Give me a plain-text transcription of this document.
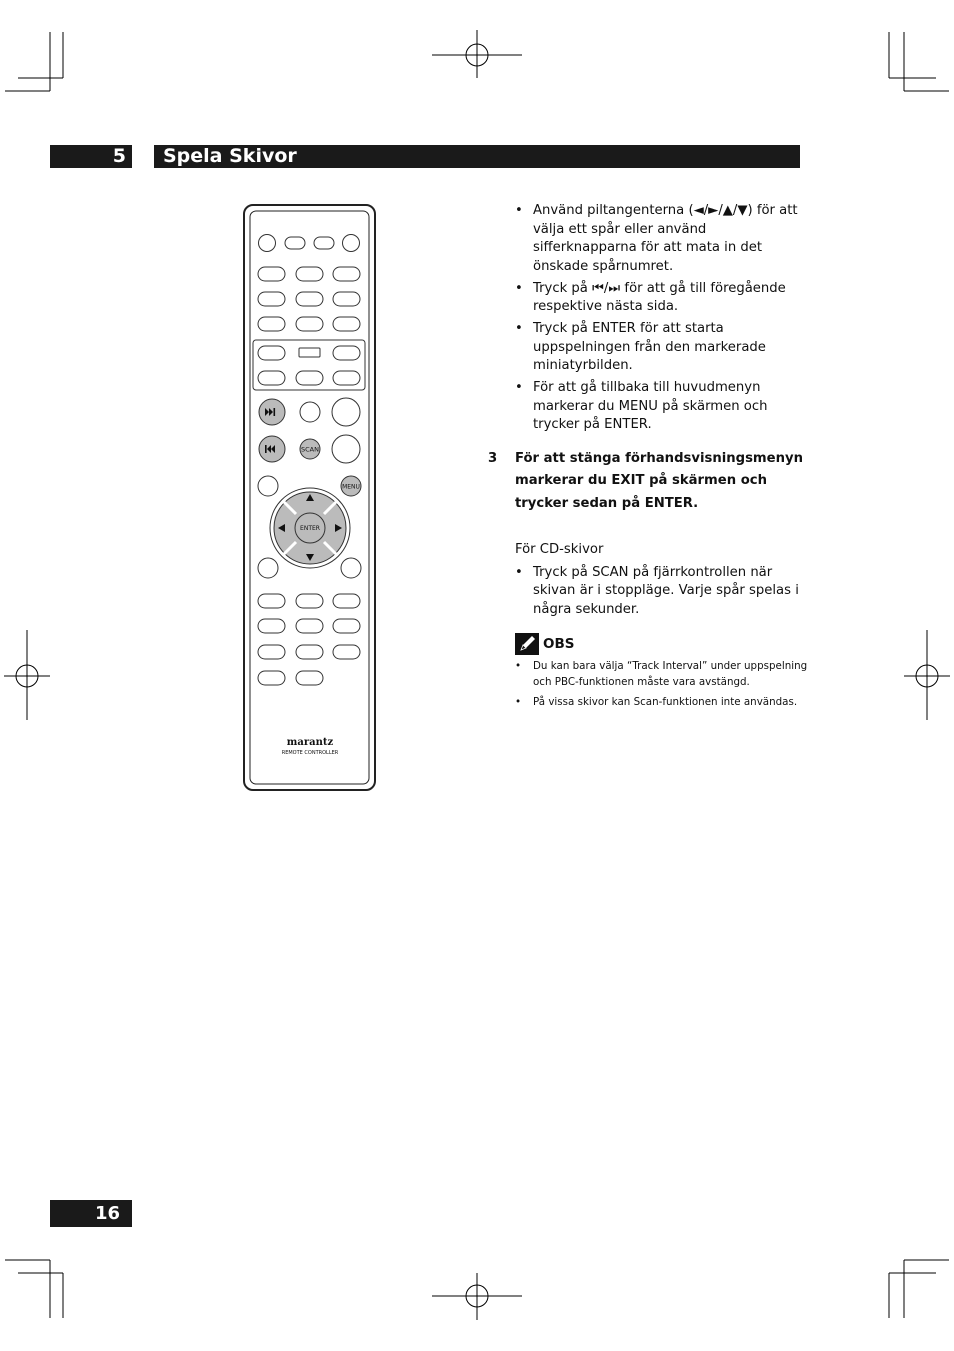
5	Spela Skivor
SCAN
MENU
ENTER
marantz
REMOTE CONTROLLER
• Använd piltangenterna (◄/►/▲/▼) för att välja ett spår eller använd sifferknapparna för att mata in det önskade spårnumret.
• Tryck på ⏮/⏭ för att gå till föregående respektive nästa sida.
• Tryck på ENTER för att starta uppspelningen från den markerade miniatyrbilden.
• För att gå tillbaka till huvudmenyn markerar du MENU på skärmen och trycker på ENTER.
3	För att stänga förhandsvisningsmenyn markerar du EXIT på skärmen och trycker sedan på ENTER.
För CD-skivor
• Tryck på SCAN på fjärrkontrollen när skivan är i stoppläge. Varje spår spelas i några sekunder.
OBS
• Du kan bara välja “Track Interval” under uppspelning och PBC-funktionen måste vara avstängd.
• På vissa skivor kan Scan-funktionen inte användas.
16
